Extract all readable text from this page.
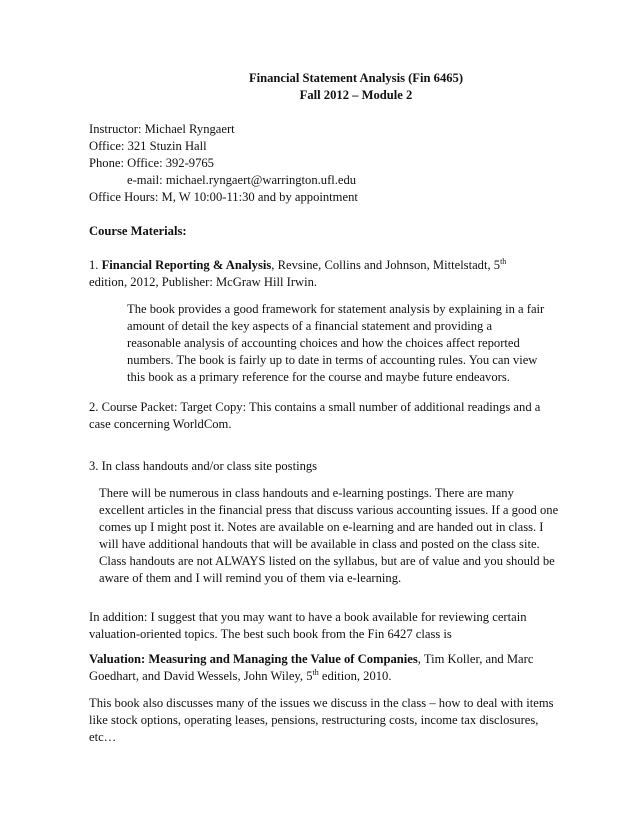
Financial Statement Analysis (Fin 6465)
Fall 2012 – Module 2
Instructor: Michael Ryngaert
Office: 321 Stuzin Hall
Phone: Office: 392-9765
e-mail: michael.ryngaert@warrington.ufl.edu
Office Hours: M, W 10:00-11:30 and by appointment
Course Materials:
1. Financial Reporting & Analysis, Revsine, Collins and Johnson, Mittelstadt, 5th
edition, 2012, Publisher: McGraw Hill Irwin.

The book provides a good framework for statement analysis by explaining in a fair amount of detail the key aspects of a financial statement and providing a reasonable analysis of accounting choices and how the choices affect reported numbers. The book is fairly up to date in terms of accounting rules. You can view this book as a primary reference for the course and maybe future endeavors.

2. Course Packet: Target Copy: This contains a small number of additional readings and a case concerning WorldCom.

3. In class handouts and/or class site postings

There will be numerous in class handouts and e-learning postings. There are many excellent articles in the financial press that discuss various accounting issues. If a good one comes up I might post it. Notes are available on e-learning and are handed out in class. I will have additional handouts that will be available in class and posted on the class site. Class handouts are not ALWAYS listed on the syllabus, but are of value and you should be aware of them and I will remind you of them via e-learning.

In addition: I suggest that you may want to have a book available for reviewing certain valuation-oriented topics. The best such book from the Fin 6427 class is

Valuation: Measuring and Managing the Value of Companies, Tim Koller, and Marc Goedhart, and David Wessels, John Wiley, 5th edition, 2010.

This book also discusses many of the issues we discuss in the class – how to deal with items like stock options, operating leases, pensions, restructuring costs, income tax disclosures, etc…
